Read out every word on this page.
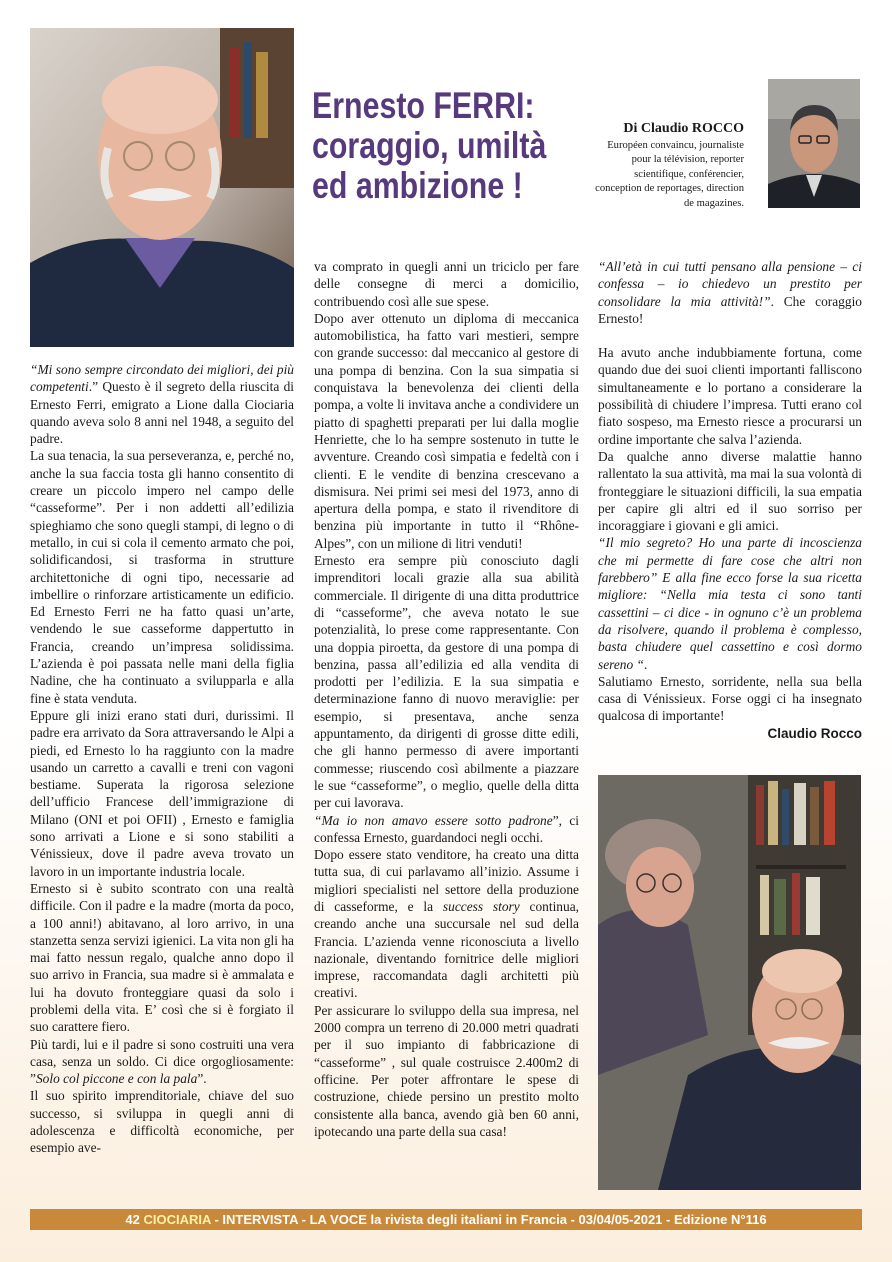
Ernesto FERRI:
coraggio, umiltà
ed ambizione !
Di Claudio ROCCO
Européen convaincu, journaliste pour la télévision, reporter scientifique, conférencier, conception de reportages, direction de magazines.

“Mi sono sempre circondato dei migliori, dei più competenti.” Questo è il segreto della riuscita di Ernesto Ferri, emigrato a Lione dalla Ciociaria quando aveva solo 8 anni nel 1948, a seguito del padre.

La sua tenacia, la sua perseveranza, e, perché no, anche la sua faccia tosta gli hanno consentito di creare un piccolo impero nel campo delle “casseforme”. Per i non addetti all’edilizia spieghiamo che sono quegli stampi, di legno o di metallo, in cui si cola il cemento armato che poi, solidificandosi, si trasforma in strutture architettoniche di ogni tipo, necessarie ad imbellire o rinforzare artisticamente un edificio. Ed Ernesto Ferri ne ha fatto quasi un’arte, vendendo le sue casseforme dappertutto in Francia, creando un’impresa solidissima. L’azienda è poi passata nelle mani della figlia Nadine, che ha continuato a svilupparla e alla fine è stata venduta.

Eppure gli inizi erano stati duri, durissimi. Il padre era arrivato da Sora attraversando le Alpi a piedi, ed Ernesto lo ha raggiunto con la madre usando un carretto a cavalli e treni con vagoni bestiame. Superata la rigorosa selezione dell’ufficio Francese dell’immigrazione di Milano (ONI et poi OFII) , Ernesto e famiglia sono arrivati a Lione e si sono stabiliti a Vénissieux, dove il padre aveva trovato un lavoro in un importante industria locale.

Ernesto si è subito scontrato con una realtà difficile. Con il padre e la madre (morta da poco, a 100 anni!) abitavano, al loro arrivo, in una stanzetta senza servizi igienici. La vita non gli ha mai fatto nessun regalo, qualche anno dopo il suo arrivo in Francia, sua madre si è ammalata e lui ha dovuto fronteggiare quasi da solo i problemi della vita. E’ così che si è forgiato il suo carattere fiero.

Più tardi, lui e il padre si sono costruiti una vera casa, senza un soldo. Ci dice orgogliosamente: ”Solo col piccone e con la pala”.

Il suo spirito imprenditoriale, chiave del suo successo, si sviluppa in quegli anni di adolescenza e difficoltà economiche, per esempio ave-

va comprato in quegli anni un triciclo per fare delle consegne di merci a domicilio, contribuendo così alle sue spese.

Dopo aver ottenuto un diploma di meccanica automobilistica, ha fatto vari mestieri, sempre con grande successo: dal meccanico al gestore di una pompa di benzina. Con la sua simpatia si conquistava la benevolenza dei clienti della pompa, a volte li invitava anche a condividere un piatto di spaghetti preparati per lui dalla moglie Henriette, che lo ha sempre sostenuto in tutte le avventure. Creando così simpatia e fedeltà con i clienti. E le vendite di benzina crescevano a dismisura. Nei primi sei mesi del 1973, anno di apertura della pompa, e stato il rivenditore di benzina più importante in tutto il “Rhône-Alpes”, con un milione di litri venduti!

Ernesto era sempre più conosciuto dagli imprenditori locali grazie alla sua abilità commerciale. Il dirigente di una ditta produttrice di “casseforme”, che aveva notato le sue potenzialità, lo prese come rappresentante. Con una doppia piroetta, da gestore di una pompa di benzina, passa all’edilizia ed alla vendita di prodotti per l’edilizia. E la sua simpatia e determinazione fanno di nuovo meraviglie: per esempio, si presentava, anche senza appuntamento, da dirigenti di grosse ditte edili, che gli hanno permesso di avere importanti commesse; riuscendo così abilmente a piazzare le sue “casseforme”, o meglio, quelle della ditta per cui lavorava.

“Ma io non amavo essere sotto padrone”, ci confessa Ernesto, guardandoci negli occhi.

Dopo essere stato venditore, ha creato una ditta tutta sua, di cui parlavamo all’inizio. Assume i migliori specialisti nel settore della produzione di casseforme, e la success story continua, creando anche una succursale nel sud della Francia. L’azienda venne riconosciuta a livello nazionale, diventando fornitrice delle migliori imprese, raccomandata dagli architetti più creativi.

Per assicurare lo sviluppo della sua impresa, nel 2000 compra un terreno di 20.000 metri quadrati per il suo impianto di fabbricazione di “casseforme” , sul quale costruisce 2.400m2 di officine. Per poter affrontare le spese di costruzione, chiede persino un prestito molto consistente alla banca, avendo già ben 60 anni, ipotecando una parte della sua casa!

“All’età in cui tutti pensano alla pensione – ci confessa – io chiedevo un prestito per consolidare la mia attività!”. Che coraggio Ernesto!

Ha avuto anche indubbiamente fortuna, come quando due dei suoi clienti importanti falliscono simultaneamente e lo portano a considerare la possibilità di chiudere l’impresa. Tutti erano col fiato sospeso, ma Ernesto riesce a procurarsi un ordine importante che salva l’azienda.

Da qualche anno diverse malattie hanno rallentato la sua attività, ma mai la sua volontà di fronteggiare le situazioni difficili, la sua empatia per capire gli altri ed il suo sorriso per incoraggiare i giovani e gli amici.

“Il mio segreto? Ho una parte di incoscienza che mi permette di fare cose che altri non farebbero” E alla fine ecco forse la sua ricetta migliore: “Nella mia testa ci sono tanti cassettini – ci dice - in ognuno c’è un problema da risolvere, quando il problema è complesso, basta chiudere quel cassettino e così dormo sereno “.

Salutiamo Ernesto, sorridente, nella sua bella casa di Vénissieux. Forse oggi ci ha insegnato qualcosa di importante!

Claudio Rocco
42 CIOCIARIA - INTERVISTA - LA VOCE la rivista degli italiani in Francia - 03/04/05-2021 - Edizione N°116
